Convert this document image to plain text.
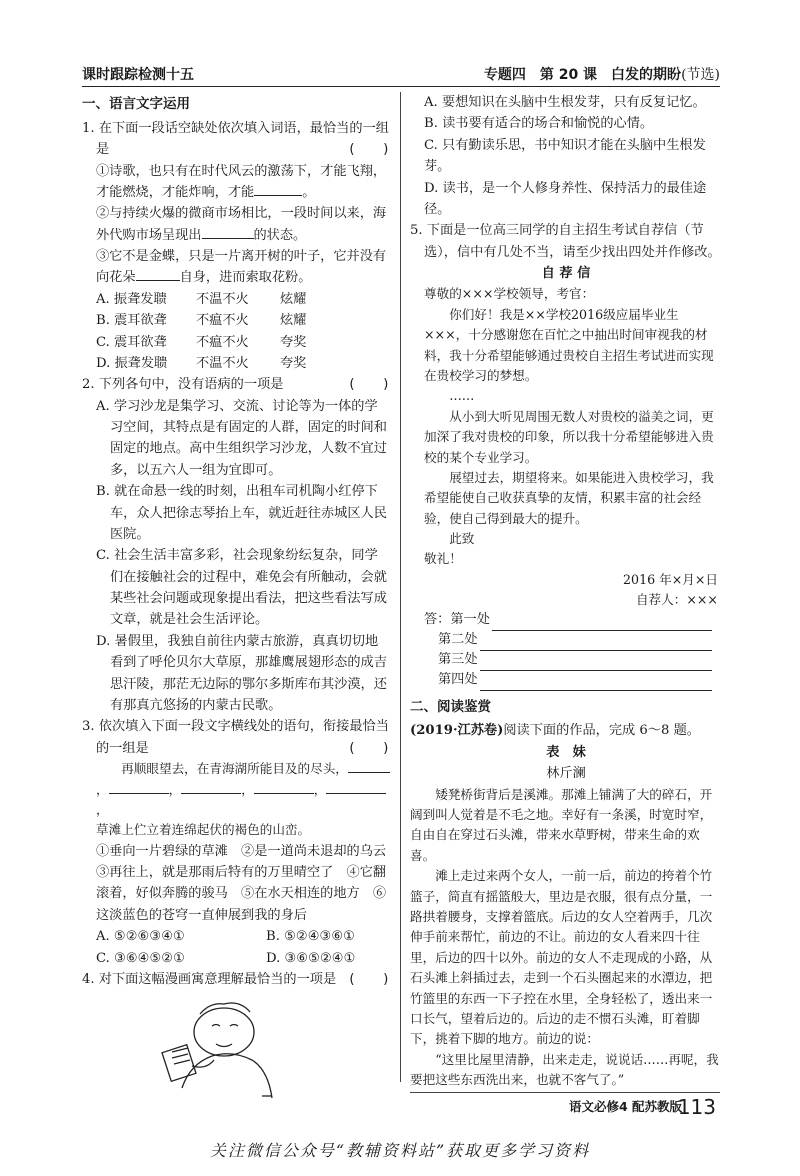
课时跟踪检测十五	专题四　第 20 课　白发的期盼(节选)
一、语言文字运用
1. 在下面一段话空缺处依次填入词语，最恰当的一组是	(　　)
①诗歌，也只有在时代风云的激荡下，才能飞翔，才能燃烧，才能炸响，才能	。
②与持续火爆的微商市场相比，一段时间以来，海外代购市场呈现出	的状态。
③它不是金蝶，只是一片离开树的叶子，它并没有向花朵	自身，进而索取花粉。
A. 振聋发聩 不温不火 炫耀
B. 震耳欲聋 不瘟不火 炫耀
C. 震耳欲聋 不瘟不火 夸奖
D. 振聋发聩 不温不火 夸奖
2. 下列各句中，没有语病的一项是	(　　)
A. 学习沙龙是集学习、交流、讨论等为一体的学习空间，其特点是有固定的人群，固定的时间和固定的地点。高中生组织学习沙龙，人数不宜过多，以五六人一组为宜即可。
B. 就在命悬一线的时刻，出租车司机陶小红停下车，众人把徐志琴抬上车，就近赶往赤城区人民医院。
C. 社会生活丰富多彩，社会现象纷纭复杂，同学们在接触社会的过程中，难免会有所触动，会就某些社会问题或现象提出看法，把这些看法写成文章，就是社会生活评论。
D. 暑假里，我独自前往内蒙古旅游，真真切切地看到了呼伦贝尔大草原，那雄鹰展翅形态的成吉思汗陵，那茫无边际的鄂尔多斯库布其沙漠，还有那真亢悠扬的内蒙古民歌。
3. 依次填入下面一段文字横线处的语句，衔接最恰当的一组是	(　　)
再顺眼望去，在青海湖所能目及的尽头，，	，	，	，，
草滩上伫立着连绵起伏的褐色的山峦。
①垂向一片碧绿的草滩　②是一道尚未退却的乌云　③再往上，就是那雨后特有的万里晴空了　④它翻滚着，好似奔腾的骏马　⑤在水天相连的地方　⑥这淡蓝色的苍穹一直伸展到我的身后
A. ⑤②⑥③④①	B. ⑤②④③⑥①
C. ③⑥④⑤②①	D. ③⑥⑤②④①
4. 对下面这幅漫画寓意理解最恰当的一项是 (　　)
A. 要想知识在头脑中生根发芽，只有反复记忆。
B. 读书要有适合的场合和愉悦的心情。
C. 只有勤读乐思，书中知识才能在头脑中生根发芽。
D. 读书，是一个人修身养性、保持活力的最佳途径。
5. 下面是一位高三同学的自主招生考试自荐信（节选），信中有几处不当，请至少找出四处并作修改。
自 荐 信
尊敬的×××学校领导，考官：
你们好！我是××学校2016级应届毕业生×××，十分感谢您在百忙之中抽出时间审视我的材料，我十分希望能够通过贵校自主招生考试进而实现在贵校学习的梦想。
……
从小到大听见周围无数人对贵校的溢美之词，更加深了我对贵校的印象，所以我十分希望能够进入贵校的某个专业学习。
展望过去，期望将来。如果能进入贵校学习，我希望能使自己收获真挚的友情，积累丰富的社会经验，使自己得到最大的提升。
此致
敬礼！
2016 年×月×日
自荐人：×××
答：第一处
第二处
第三处
第四处
二、阅读鉴赏
(2019·江苏卷)阅读下面的作品，完成 6～8 题。
表　妹
林斤澜
矮凳桥街背后是溪滩。那滩上铺满了大的碎石，开阔到叫人觉着是不毛之地。幸好有一条溪，时宽时窄，自由自在穿过石头滩，带来水草野树，带来生命的欢喜。
滩上走过来两个女人，一前一后，前边的挎着个竹篮子，简直有摇篮般大，里边是衣服，很有点分量，一路拱着腰身，支撑着篮底。后边的女人空着两手，几次伸手前来帮忙，前边的不让。前边的女人看来四十往里，后边的四十以外。前边的女人不走现成的小路，从石头滩上斜插过去，走到一个石头圈起来的水潭边，把竹篮里的东西一下子控在水里，全身轻松了，透出来一口长气，望着后边的。后边的走不惯石头滩，盯着脚下，挑着下脚的地方。前边的说：
“这里比屋里清静，出来走走，说说话……再呢，我要把这些东西洗出来，也就不客气了。”
语文必修4 配苏教版
113
关注微信公众号“教辅资料站”获取更多学习资料
